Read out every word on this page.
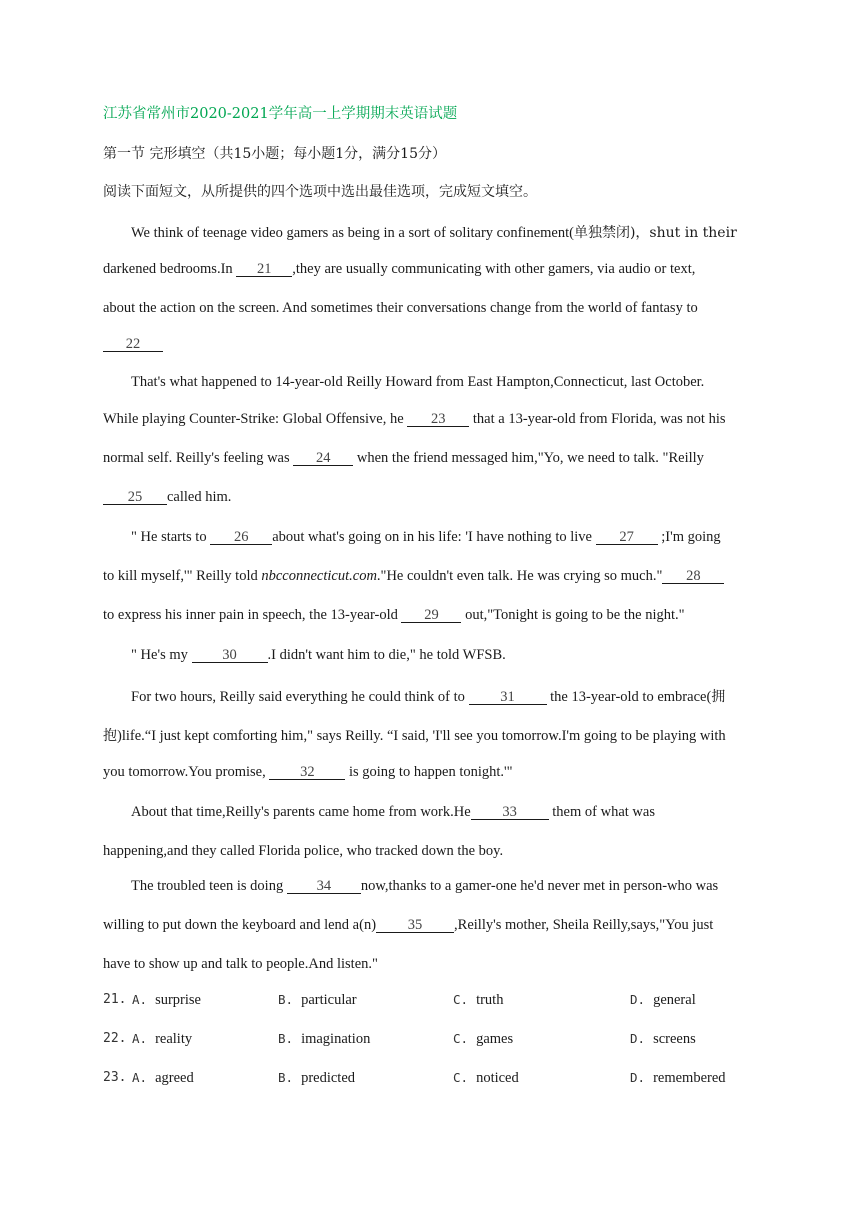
江苏省常州市2020-2021学年高一上学期期末英语试题
第一节 完形填空（共15小题；每小题1分，满分15分）
阅读下面短文，从所提供的四个选项中选出最佳选项，完成短文填空。
We think of teenage video gamers as being in a sort of solitary confinement(单独禁闭)，shut in their
darkened bedrooms.In 21 ,they are usually communicating with other gamers, via audio or text,
about the action on the screen. And sometimes their conversations change from the world of fantasy to
22
That's what happened to 14-year-old Reilly Howard from East Hampton,Connecticut, last October.
While playing Counter-Strike: Global Offensive, he 23 that a 13-year-old from Florida, was not his
normal self. Reilly's feeling was 24 when the friend messaged him,"Yo, we need to talk. "Reilly
25 called him.
" He starts to 26 about what's going on in his life: 'I have nothing to live 27 ;I'm going
to kill myself,'" Reilly told nbcconnecticut.com."He couldn't even talk. He was crying so much." 28
to express his inner pain in speech, the 13-year-old 29 out,"Tonight is going to be the night."
" He's my 30 .I didn't want him to die," he told WFSB.
For two hours, Reilly said everything he could think of to 31 the 13-year-old to embrace(拥
抱)life.“I just kept comforting him," says Reilly. “I said, 'I'll see you tomorrow.I'm going to be playing with
you tomorrow.You promise, 32 is going to happen tonight.'"
About that time,Reilly's parents came home from work.He 33 them of what was
happening,and they called Florida police, who tracked down the boy.
The troubled teen is doing 34 now,thanks to a gamer-one he'd never met in person-who was
willing to put down the keyboard and lend a(n) 35 ,Reilly's mother, Sheila Reilly,says,"You just
have to show up and talk to people.And listen."
21. A. surprise	B. particular	C. truth	D. general
22. A. reality	B. imagination	C. games	D. screens
23. A. agreed	B. predicted	C. noticed	D. remembered
